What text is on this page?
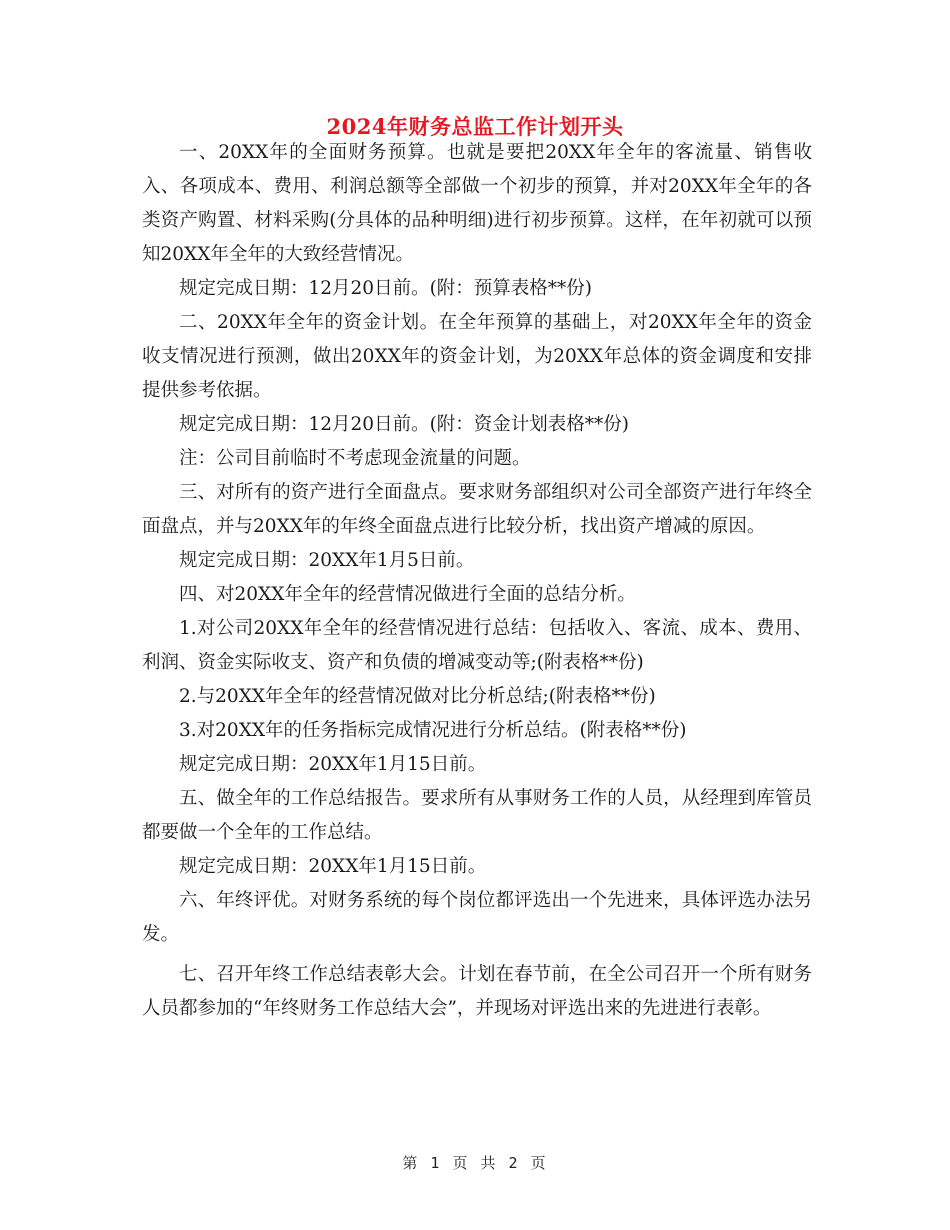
2024年财务总监工作计划开头

一、20XX年的全面财务预算。也就是要把20XX年全年的客流量、销售收入、各项成本、费用、利润总额等全部做一个初步的预算，并对20XX年全年的各类资产购置、材料采购(分具体的品种明细)进行初步预算。这样，在年初就可以预知20XX年全年的大致经营情况。

规定完成日期：12月20日前。(附：预算表格**份)

二、20XX年全年的资金计划。在全年预算的基础上，对20XX年全年的资金收支情况进行预测，做出20XX年的资金计划，为20XX年总体的资金调度和安排提供参考依据。

规定完成日期：12月20日前。(附：资金计划表格**份)

注：公司目前临时不考虑现金流量的问题。

三、对所有的资产进行全面盘点。要求财务部组织对公司全部资产进行年终全面盘点，并与20XX年的年终全面盘点进行比较分析，找出资产增减的原因。

规定完成日期：20XX年1月5日前。

四、对20XX年全年的经营情况做进行全面的总结分析。

1.对公司20XX年全年的经营情况进行总结：包括收入、客流、成本、费用、利润、资金实际收支、资产和负债的增减变动等;(附表格**份)

2.与20XX年全年的经营情况做对比分析总结;(附表格**份)

3.对20XX年的任务指标完成情况进行分析总结。(附表格**份)

规定完成日期：20XX年1月15日前。

五、做全年的工作总结报告。要求所有从事财务工作的人员，从经理到库管员都要做一个全年的工作总结。

规定完成日期：20XX年1月15日前。

六、年终评优。对财务系统的每个岗位都评选出一个先进来，具体评选办法另发。

七、召开年终工作总结表彰大会。计划在春节前，在全公司召开一个所有财务人员都参加的“年终财务工作总结大会”，并现场对评选出来的先进进行表彰。

第 1 页 共 2 页
